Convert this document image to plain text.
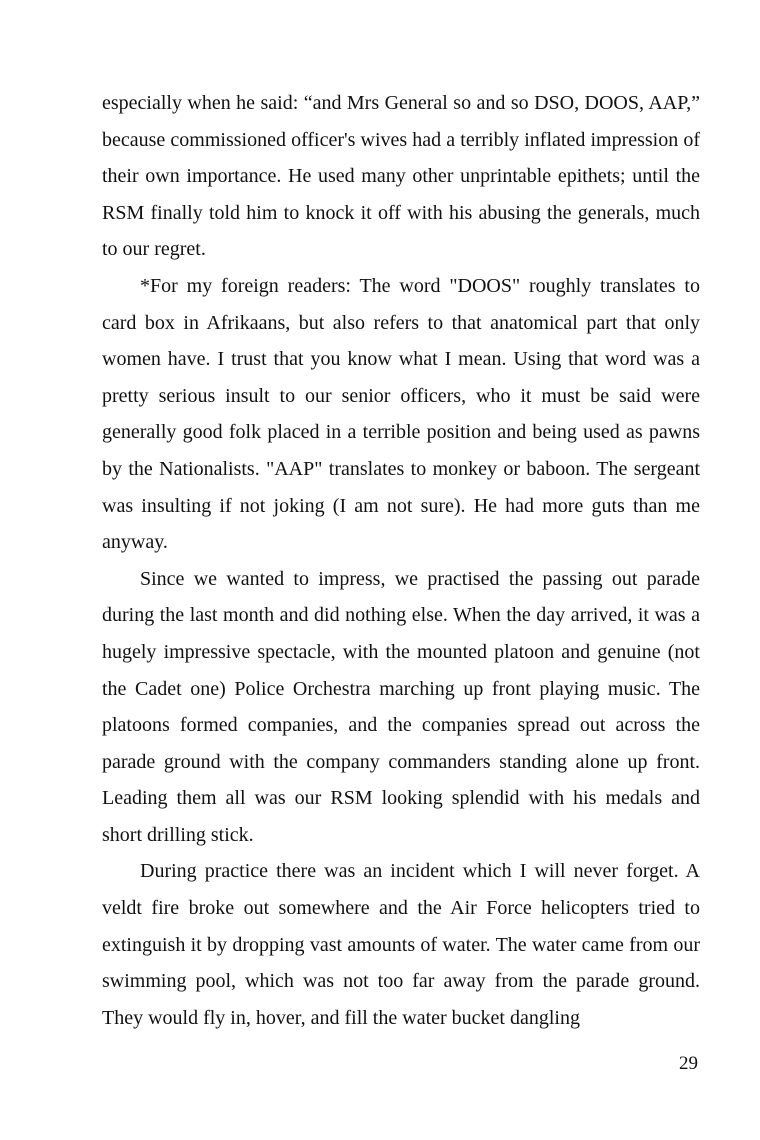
especially when he said: “and Mrs General so and so DSO, DOOS, AAP,” because commissioned officer's wives had a terribly inflated impression of their own importance. He used many other unprintable epithets; until the RSM finally told him to knock it off with his abusing the generals, much to our regret.

*For my foreign readers: The word "DOOS" roughly translates to card box in Afrikaans, but also refers to that anatomical part that only women have. I trust that you know what I mean. Using that word was a pretty serious insult to our senior officers, who it must be said were generally good folk placed in a terrible position and being used as pawns by the Nationalists. "AAP" translates to monkey or baboon. The sergeant was insulting if not joking (I am not sure). He had more guts than me anyway.

Since we wanted to impress, we practised the passing out parade during the last month and did nothing else. When the day arrived, it was a hugely impressive spectacle, with the mounted platoon and genuine (not the Cadet one) Police Orchestra marching up front playing music. The platoons formed companies, and the companies spread out across the parade ground with the company commanders standing alone up front. Leading them all was our RSM looking splendid with his medals and short drilling stick.

During practice there was an incident which I will never forget. A veldt fire broke out somewhere and the Air Force helicopters tried to extinguish it by dropping vast amounts of water. The water came from our swimming pool, which was not too far away from the parade ground. They would fly in, hover, and fill the water bucket dangling

29
